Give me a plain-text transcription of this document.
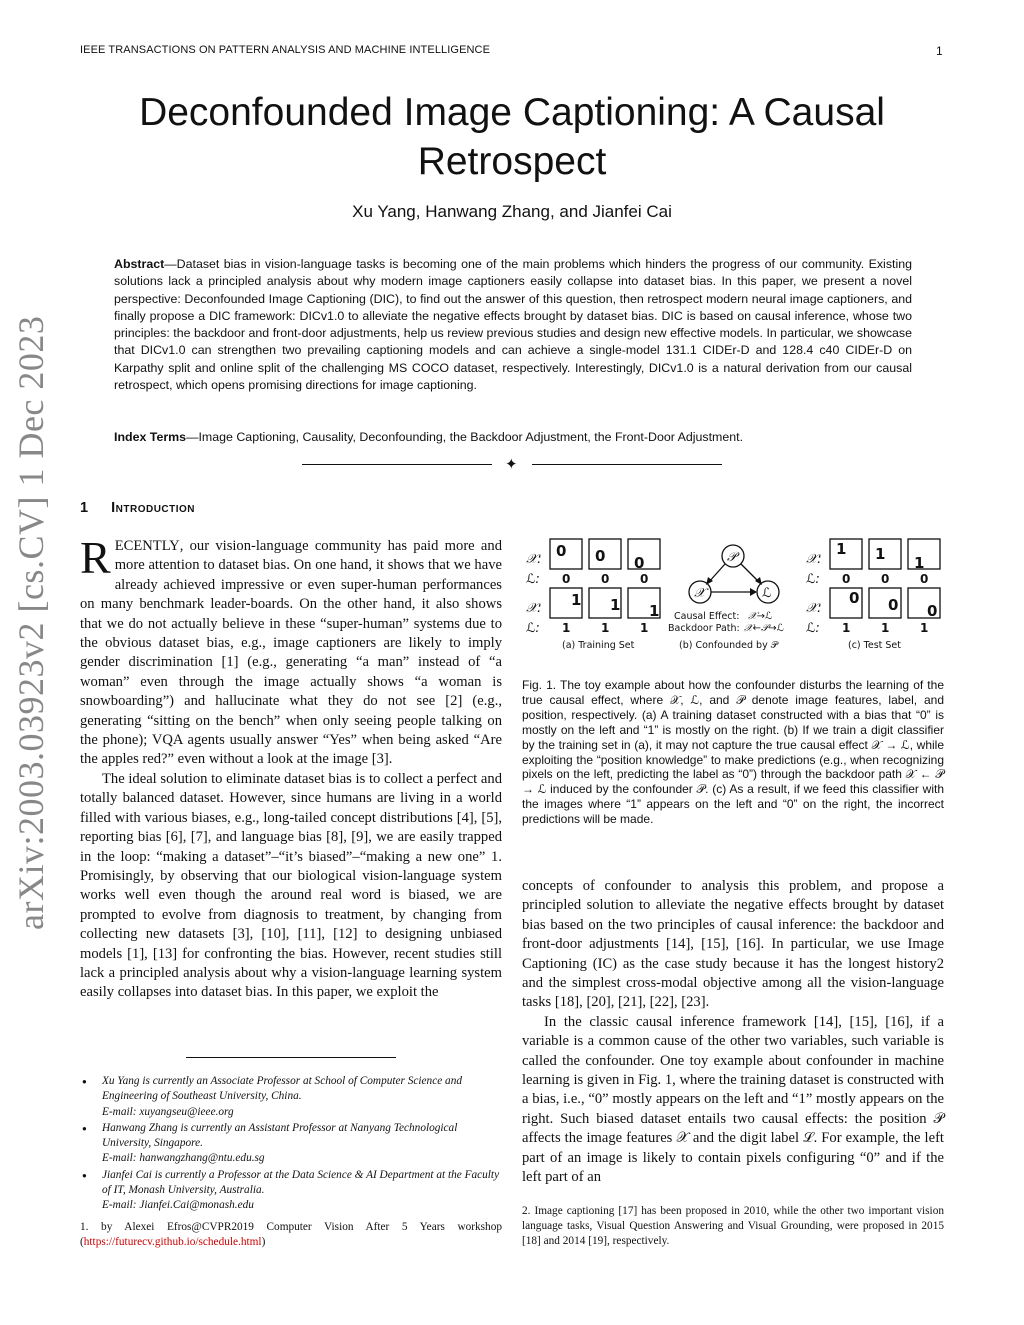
IEEE TRANSACTIONS ON PATTERN ANALYSIS AND MACHINE INTELLIGENCE	1
Deconfounded Image Captioning: A Causal
Retrospect
Xu Yang, Hanwang Zhang, and Jianfei Cai
Abstract—Dataset bias in vision-language tasks is becoming one of the main problems which hinders the progress of our community. Existing solutions lack a principled analysis about why modern image captioners easily collapse into dataset bias. In this paper, we present a novel perspective: Deconfounded Image Captioning (DIC), to find out the answer of this question, then retrospect modern neural image captioners, and finally propose a DIC framework: DICv1.0 to alleviate the negative effects brought by dataset bias. DIC is based on causal inference, whose two principles: the backdoor and front-door adjustments, help us review previous studies and design new effective models. In particular, we showcase that DICv1.0 can strengthen two prevailing captioning models and can achieve a single-model 131.1 CIDEr-D and 128.4 c40 CIDEr-D on Karpathy split and online split of the challenging MS COCO dataset, respectively. Interestingly, DICv1.0 is a natural derivation from our causal retrospect, which opens promising directions for image captioning.
Index Terms—Image Captioning, Causality, Deconfounding, the Backdoor Adjustment, the Front-Door Adjustment.
✦
arXiv:2003.03923v2 [cs.CV] 1 Dec 2023	1 Introduction

RECENTLY, our vision-language community has paid more and more attention to dataset bias. On one hand, it shows that we have already achieved impressive or even super-human performances on many benchmark leader-boards. On the other hand, it also shows that we do not actually believe in these “super-human” systems due to the obvious dataset bias, e.g., image captioners are likely to imply gender discrimination [1] (e.g., generating “a man” instead of “a woman” even through the image actually shows “a woman is snowboarding”) and hallucinate what they do not see [2] (e.g., generating “sitting on the bench” when only seeing people talking on the phone); VQA agents usually answer “Yes” when being asked “Are the apples red?” even without a look at the image [3].

The ideal solution to eliminate dataset bias is to collect a perfect and totally balanced dataset. However, since humans are living in a world filled with various biases, e.g., long-tailed concept distributions [4], [5], reporting bias [6], [7], and language bias [8], [9], we are easily trapped in the loop: “making a dataset”–“it’s biased”–“making a new one” 1. Promisingly, by observing that our biological vision-language system works well even though the around real word is biased, we are prompted to evolve from diagnosis to treatment, by changing from collecting new datasets [3], [10], [11], [12] to designing unbiased models [1], [13] for confronting the bias. However, recent studies still lack a principled analysis about why a vision-language learning system easily collapses into dataset bias. In this paper, we exploit the

𝒳:
ℒ:
𝒳:
ℒ:
0 0 0
0	0	0
1 1 1
1	1	1
(a) Training Set
𝒫
𝒳	ℒ
Causal Effect: 𝒳→ℒ
Backdoor Path: 𝒳←𝒫→ℒ
(b) Confounded by 𝒫
𝒳:
ℒ:
𝒳:
ℒ:
1 1 1
0	0	0
0 0 0
1	1	1
(c) Test Set
Fig. 1. The toy example about how the confounder disturbs the learning of the true causal effect, where 𝒳, ℒ, and 𝒫 denote image features, label, and position, respectively. (a) A training dataset constructed with a bias that “0” is mostly on the left and “1” is mostly on the right. (b) If we train a digit classifier by the training set in (a), it may not capture the true causal effect 𝒳 → ℒ, while exploiting the “position knowledge” to make predictions (e.g., when recognizing pixels on the left, predicting the label as “0”) through the backdoor path 𝒳 ← 𝒫 → ℒ induced by the confounder 𝒫. (c) As a result, if we feed this classifier with the images where “1” appears on the left and “0” on the right, the incorrect predictions will be made.

concepts of confounder to analysis this problem, and propose a principled solution to alleviate the negative effects brought by dataset bias based on the two principles of causal inference: the backdoor and front-door adjustments [14], [15], [16]. In particular, we use Image Captioning (IC) as the case study because it has the longest history2 and the simplest cross-modal objective among all the vision-language tasks [18], [20], [21], [22], [23].

In the classic causal inference framework [14], [15], [16], if a variable is a common cause of the other two variables, such variable is called the confounder. One toy example about confounder in machine learning is given in Fig. 1, where the training dataset is constructed with a bias, i.e., “0” mostly appears on the left and “1” mostly appears on the right. Such biased dataset entails two causal effects: the position 𝒫 affects the image features 𝒳 and the digit label ℒ. For example, the left part of an image is likely to contain pixels configuring “0” and if the left part of an

● Xu Yang is currently an Associate Professor at School of Computer Science and Engineering of Southeast University, China.
E-mail: xuyangseu@ieee.org
● Hanwang Zhang is currently an Assistant Professor at Nanyang Technological University, Singapore.
E-mail: hanwangzhang@ntu.edu.sg
● Jianfei Cai is currently a Professor at the Data Science & AI Department at the Faculty of IT, Monash University, Australia.
E-mail: Jianfei.Cai@monash.edu
1. by Alexei Efros@CVPR2019 Computer Vision After 5 Years workshop (https://futurecv.github.io/schedule.html)
2. Image captioning [17] has been proposed in 2010, while the other two important vision language tasks, Visual Question Answering and Visual Grounding, were proposed in 2015 [18] and 2014 [19], respectively.
